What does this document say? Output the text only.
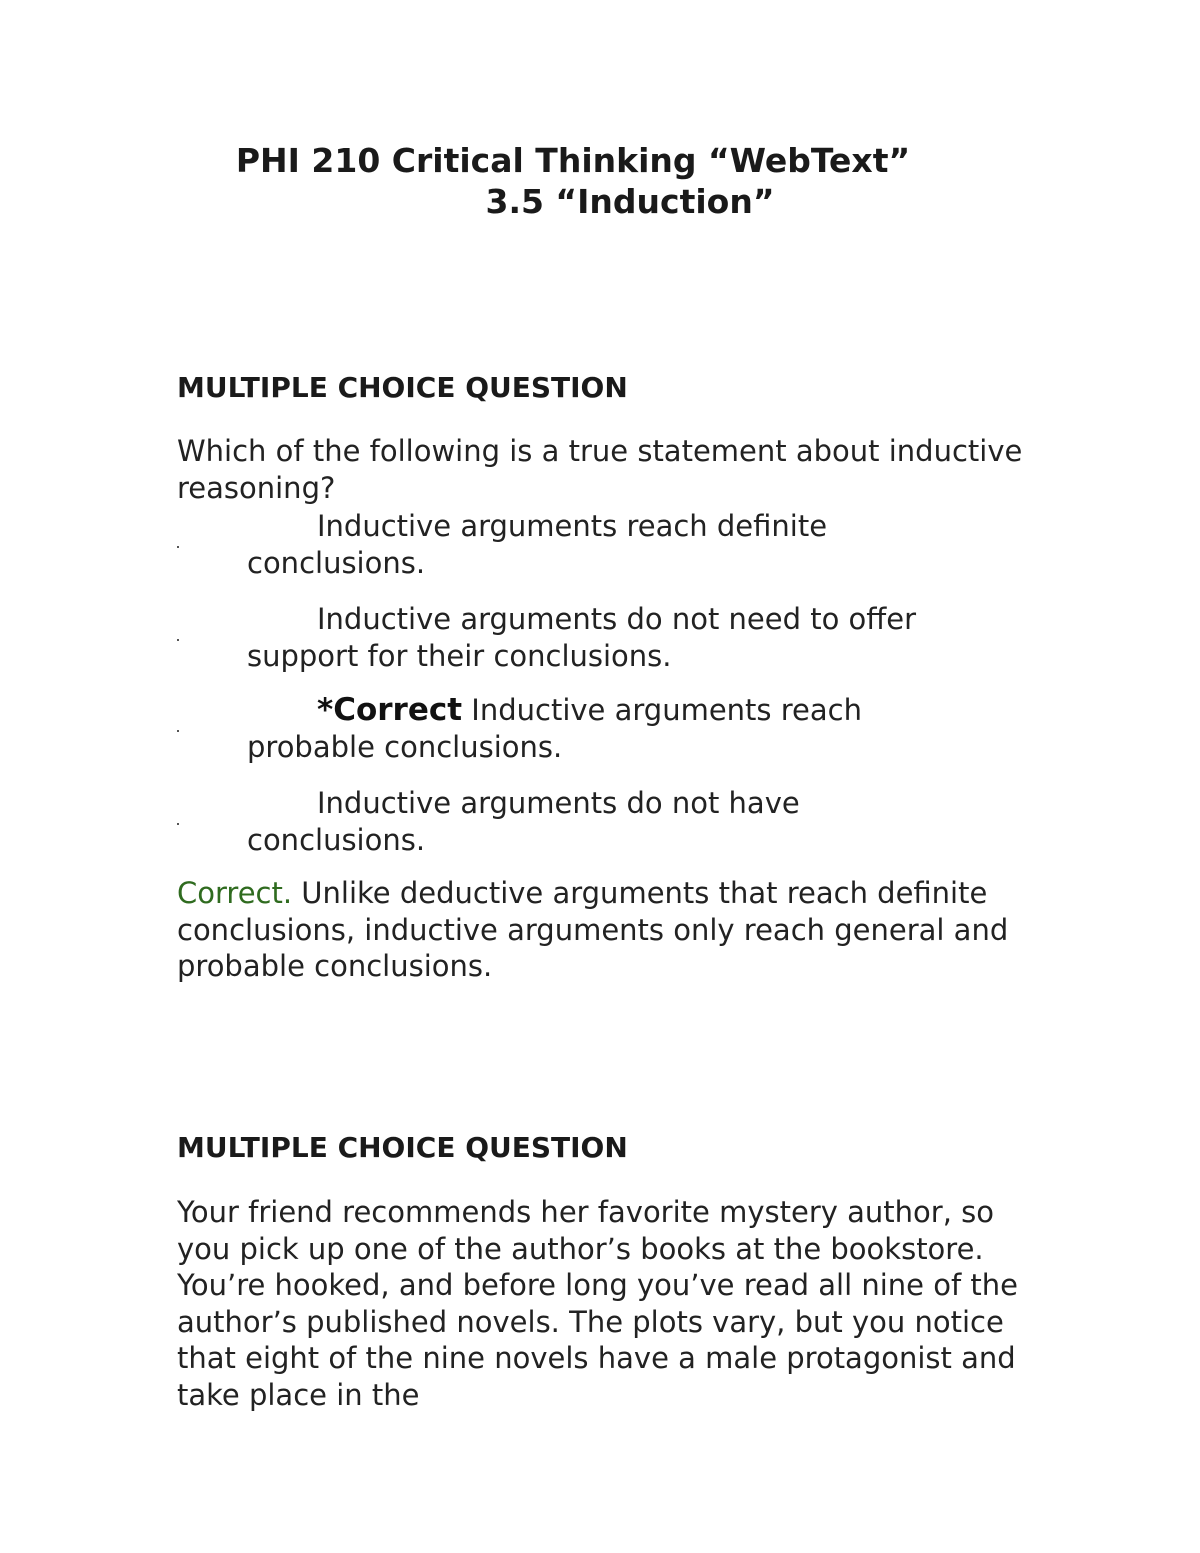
PHI 210 Critical Thinking “WebText”
3.5 “Induction”
MULTIPLE CHOICE QUESTION
Which of the following is a true statement about inductive reasoning?
Inductive arguments reach definite
conclusions.
Inductive arguments do not need to offer
support for their conclusions.
*Correct Inductive arguments reach
probable conclusions.
Inductive arguments do not have
conclusions.
Correct. Unlike deductive arguments that reach definite conclusions, inductive arguments only reach general and probable conclusions.
MULTIPLE CHOICE QUESTION
Your friend recommends her favorite mystery author, so you pick up one of the author’s books at the bookstore. You’re hooked, and before long you’ve read all nine of the author’s published novels. The plots vary, but you notice that eight of the nine novels have a male protagonist and take place in the
